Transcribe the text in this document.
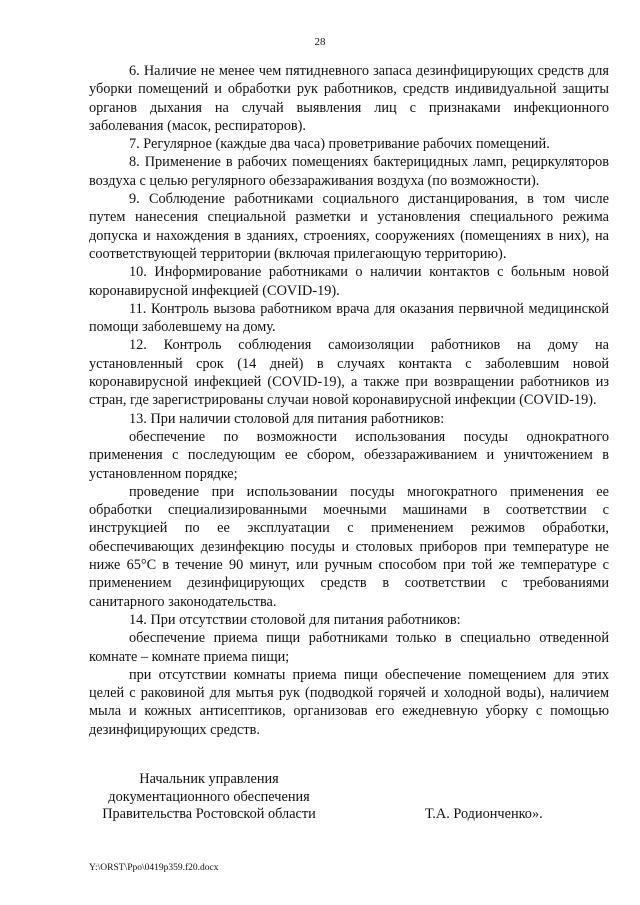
28

6. Наличие не менее чем пятидневного запаса дезинфицирующих средств для уборки помещений и обработки рук работников, средств индивидуальной защиты органов дыхания на случай выявления лиц с признаками инфекционного заболевания (масок, респираторов).

7. Регулярное (каждые два часа) проветривание рабочих помещений.

8. Применение в рабочих помещениях бактерицидных ламп, рециркуляторов воздуха с целью регулярного обеззараживания воздуха (по возможности).

9. Соблюдение работниками социального дистанцирования, в том числе путем нанесения специальной разметки и установления специального режима допуска и нахождения в зданиях, строениях, сооружениях (помещениях в них), на соответствующей территории (включая прилегающую территорию).

10. Информирование работниками о наличии контактов с больным новой коронавирусной инфекцией (COVID-19).

11. Контроль вызова работником врача для оказания первичной медицинской помощи заболевшему на дому.

12. Контроль соблюдения самоизоляции работников на дому на установленный срок (14 дней) в случаях контакта с заболевшим новой коронавирусной инфекцией (COVID-19), а также при возвращении работников из стран, где зарегистрированы случаи новой коронавирусной инфекции (COVID-19).

13. При наличии столовой для питания работников:

обеспечение по возможности использования посуды однократного применения с последующим ее сбором, обеззараживанием и уничтожением в установленном порядке;

проведение при использовании посуды многократного применения ее обработки специализированными моечными машинами в соответствии с инструкцией по ее эксплуатации с применением режимов обработки, обеспечивающих дезинфекцию посуды и столовых приборов при температуре не ниже 65°С в течение 90 минут, или ручным способом при той же температуре с применением дезинфицирующих средств в соответствии с требованиями санитарного законодательства.

14. При отсутствии столовой для питания работников:

обеспечение приема пищи работниками только в специально отведенной комнате – комнате приема пищи;

при отсутствии комнаты приема пищи обеспечение помещением для этих целей с раковиной для мытья рук (подводкой горячей и холодной воды), наличием мыла и кожных антисептиков, организовав его ежедневную уборку с помощью дезинфицирующих средств.

Начальник управления
документационного обеспечения
Правительства Ростовской области	Т.А. Родионченко».
Y:\ORST\Ppo\0419p359.f20.docx
